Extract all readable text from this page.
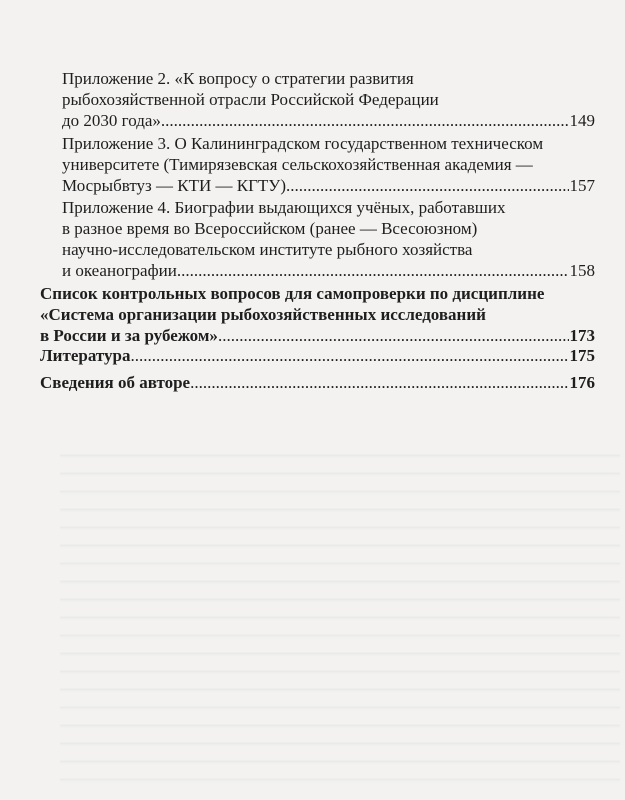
Приложение 2. «К вопросу о стратегии развития
рыбохозяйственной отрасли Российской Федерации
до 2030 года» .....	149
Приложение 3. О Калининградском государственном техническом
университете (Тимирязевская сельскохозяйственная академия —
Мосрыбвтуз — КТИ — КГТУ) .....	157
Приложение 4. Биографии выдающихся учёных, работавших
в разное время во Всероссийском (ранее — Всесоюзном)
научно-исследовательском институте рыбного хозяйства
и океанографии .....	158
Список контрольных вопросов для самопроверки по дисциплине
«Система организации рыбохозяйственных исследований
в России и за рубежом» .....	173
Литература .....	175
Сведения об авторе .....	176
